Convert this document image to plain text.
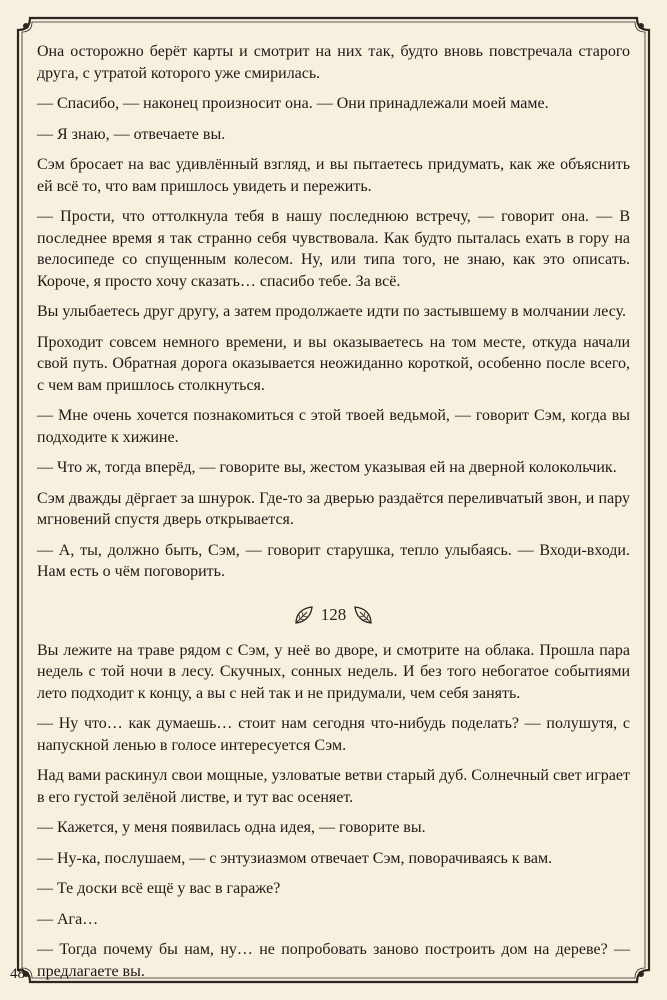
Она осторожно берёт карты и смотрит на них так, будто вновь повстречала старого друга, с утратой которого уже смирилась.

— Спасибо, — наконец произносит она. — Они принадлежали моей маме.

— Я знаю, — отвечаете вы.

Сэм бросает на вас удивлённый взгляд, и вы пытаетесь придумать, как же объяснить ей всё то, что вам пришлось увидеть и пережить.

— Прости, что оттолкнула тебя в нашу последнюю встречу, — говорит она. — В последнее время я так странно себя чувствовала. Как будто пыталась ехать в гору на велосипеде со спущенным колесом. Ну, или типа того, не знаю, как это описать. Короче, я просто хочу сказать… спасибо тебе. За всё.

Вы улыбаетесь друг другу, а затем продолжаете идти по застывшему в молчании лесу.

Проходит совсем немного времени, и вы оказываетесь на том месте, откуда начали свой путь. Обратная дорога оказывается неожиданно короткой, особенно после всего, с чем вам пришлось столкнуться.

— Мне очень хочется познакомиться с этой твоей ведьмой, — говорит Сэм, когда вы подходите к хижине.

— Что ж, тогда вперёд, — говорите вы, жестом указывая ей на дверной колокольчик.

Сэм дважды дёргает за шнурок. Где-то за дверью раздаётся переливчатый звон, и пару мгновений спустя дверь открывается.

— А, ты, должно быть, Сэм, — говорит старушка, тепло улыбаясь. — Входи-входи. Нам есть о чём поговорить.

128

Вы лежите на траве рядом с Сэм, у неё во дворе, и смотрите на облака. Прошла пара недель с той ночи в лесу. Скучных, сонных недель. И без того небогатое событиями лето подходит к концу, а вы с ней так и не придумали, чем себя занять.

— Ну что… как думаешь… стоит нам сегодня что-нибудь поделать? — полушутя, с напускной ленью в голосе интересуется Сэм.

Над вами раскинул свои мощные, узловатые ветви старый дуб. Солнечный свет играет в его густой зелёной листве, и тут вас осеняет.

— Кажется, у меня появилась одна идея, — говорите вы.

— Ну-ка, послушаем, — с энтузиазмом отвечает Сэм, поворачиваясь к вам.

— Те доски всё ещё у вас в гараже?

— Ага…

— Тогда почему бы нам, ну… не попробовать заново построить дом на дереве? — предлагаете вы.

48
